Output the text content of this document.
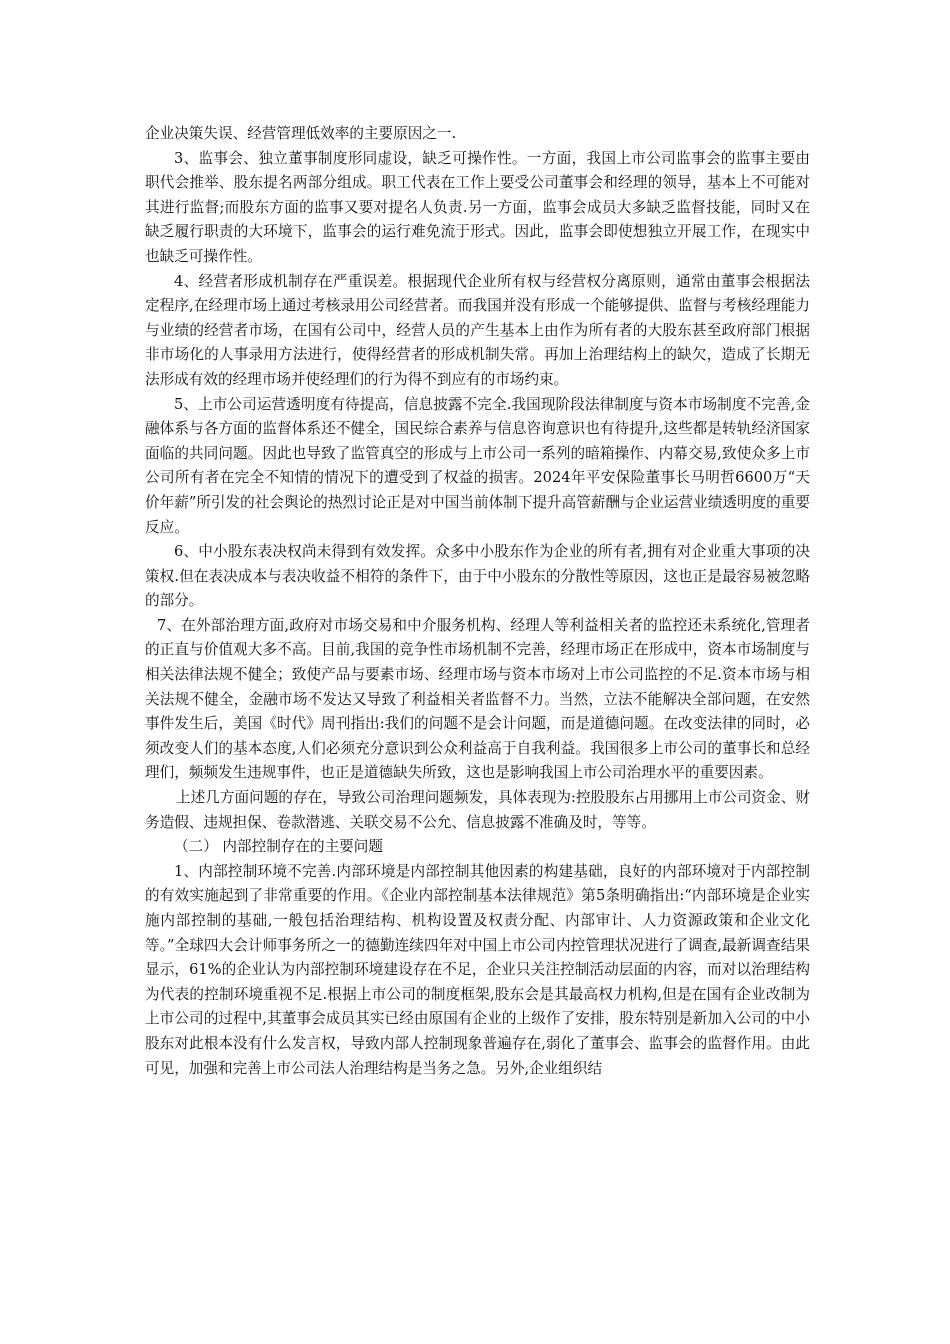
企业决策失误、经营管理低效率的主要原因之一.

3、监事会、独立董事制度形同虚设，缺乏可操作性。一方面，我国上市公司监事会的监事主要由职代会推举、股东提名两部分组成。职工代表在工作上要受公司董事会和经理的领导，基本上不可能对其进行监督;而股东方面的监事又要对提名人负责.另一方面，监事会成员大多缺乏监督技能，同时又在缺乏履行职责的大环境下，监事会的运行难免流于形式。因此，监事会即使想独立开展工作，在现实中也缺乏可操作性。

4、经营者形成机制存在严重误差。根据现代企业所有权与经营权分离原则，通常由董事会根据法定程序,在经理市场上通过考核录用公司经营者。而我国并没有形成一个能够提供、监督与考核经理能力与业绩的经营者市场，在国有公司中，经营人员的产生基本上由作为所有者的大股东甚至政府部门根据非市场化的人事录用方法进行，使得经营者的形成机制失常。再加上治理结构上的缺欠，造成了长期无法形成有效的经理市场并使经理们的行为得不到应有的市场约束。

5、上市公司运营透明度有待提高，信息披露不完全.我国现阶段法律制度与资本市场制度不完善,金融体系与各方面的监督体系还不健全，国民综合素养与信息咨询意识也有待提升,这些都是转轨经济国家面临的共同问题。因此也导致了监管真空的形成与上市公司一系列的暗箱操作、内幕交易,致使众多上市公司所有者在完全不知情的情况下的遭受到了权益的损害。2024年平安保险董事长马明哲6600万“天价年薪”所引发的社会舆论的热烈讨论正是对中国当前体制下提升高管薪酬与企业运营业绩透明度的重要反应。

6、中小股东表决权尚未得到有效发挥。众多中小股东作为企业的所有者,拥有对企业重大事项的决策权.但在表决成本与表决收益不相符的条件下，由于中小股东的分散性等原因，这也正是最容易被忽略的部分。

7、在外部治理方面,政府对市场交易和中介服务机构、经理人等利益相关者的监控还未系统化,管理者的正直与价值观大多不高。目前,我国的竞争性市场机制不完善，经理市场正在形成中，资本市场制度与相关法律法规不健全；致使产品与要素市场、经理市场与资本市场对上市公司监控的不足.资本市场与相关法规不健全，金融市场不发达又导致了利益相关者监督不力。当然，立法不能解决全部问题，在安然事件发生后，美国《时代》周刊指出:我们的问题不是会计问题，而是道德问题。在改变法律的同时，必须改变人们的基本态度,人们必须充分意识到公众利益高于自我利益。我国很多上市公司的董事长和总经理们，频频发生违规事件，也正是道德缺失所致，这也是影响我国上市公司治理水平的重要因素。

上述几方面问题的存在，导致公司治理问题频发，具体表现为:控股股东占用挪用上市公司资金、财务造假、违规担保、卷款潜逃、关联交易不公允、信息披露不准确及时，等等。

（二） 内部控制存在的主要问题

1、内部控制环境不完善.内部环境是内部控制其他因素的构建基础，良好的内部环境对于内部控制的有效实施起到了非常重要的作用。《企业内部控制基本法律规范》第5条明确指出:“内部环境是企业实施内部控制的基础,一般包括治理结构、机构设置及权责分配、内部审计、人力资源政策和企业文化等。”全球四大会计师事务所之一的德勤连续四年对中国上市公司内控管理状况进行了调查,最新调查结果显示，61%的企业认为内部控制环境建设存在不足，企业只关注控制活动层面的内容，而对以治理结构为代表的控制环境重视不足.根据上市公司的制度框架,股东会是其最高权力机构,但是在国有企业改制为上市公司的过程中,其董事会成员其实已经由原国有企业的上级作了安排，股东特别是新加入公司的中小股东对此根本没有什么发言权，导致内部人控制现象普遍存在,弱化了董事会、监事会的监督作用。由此可见，加强和完善上市公司法人治理结构是当务之急。另外,企业组织结
